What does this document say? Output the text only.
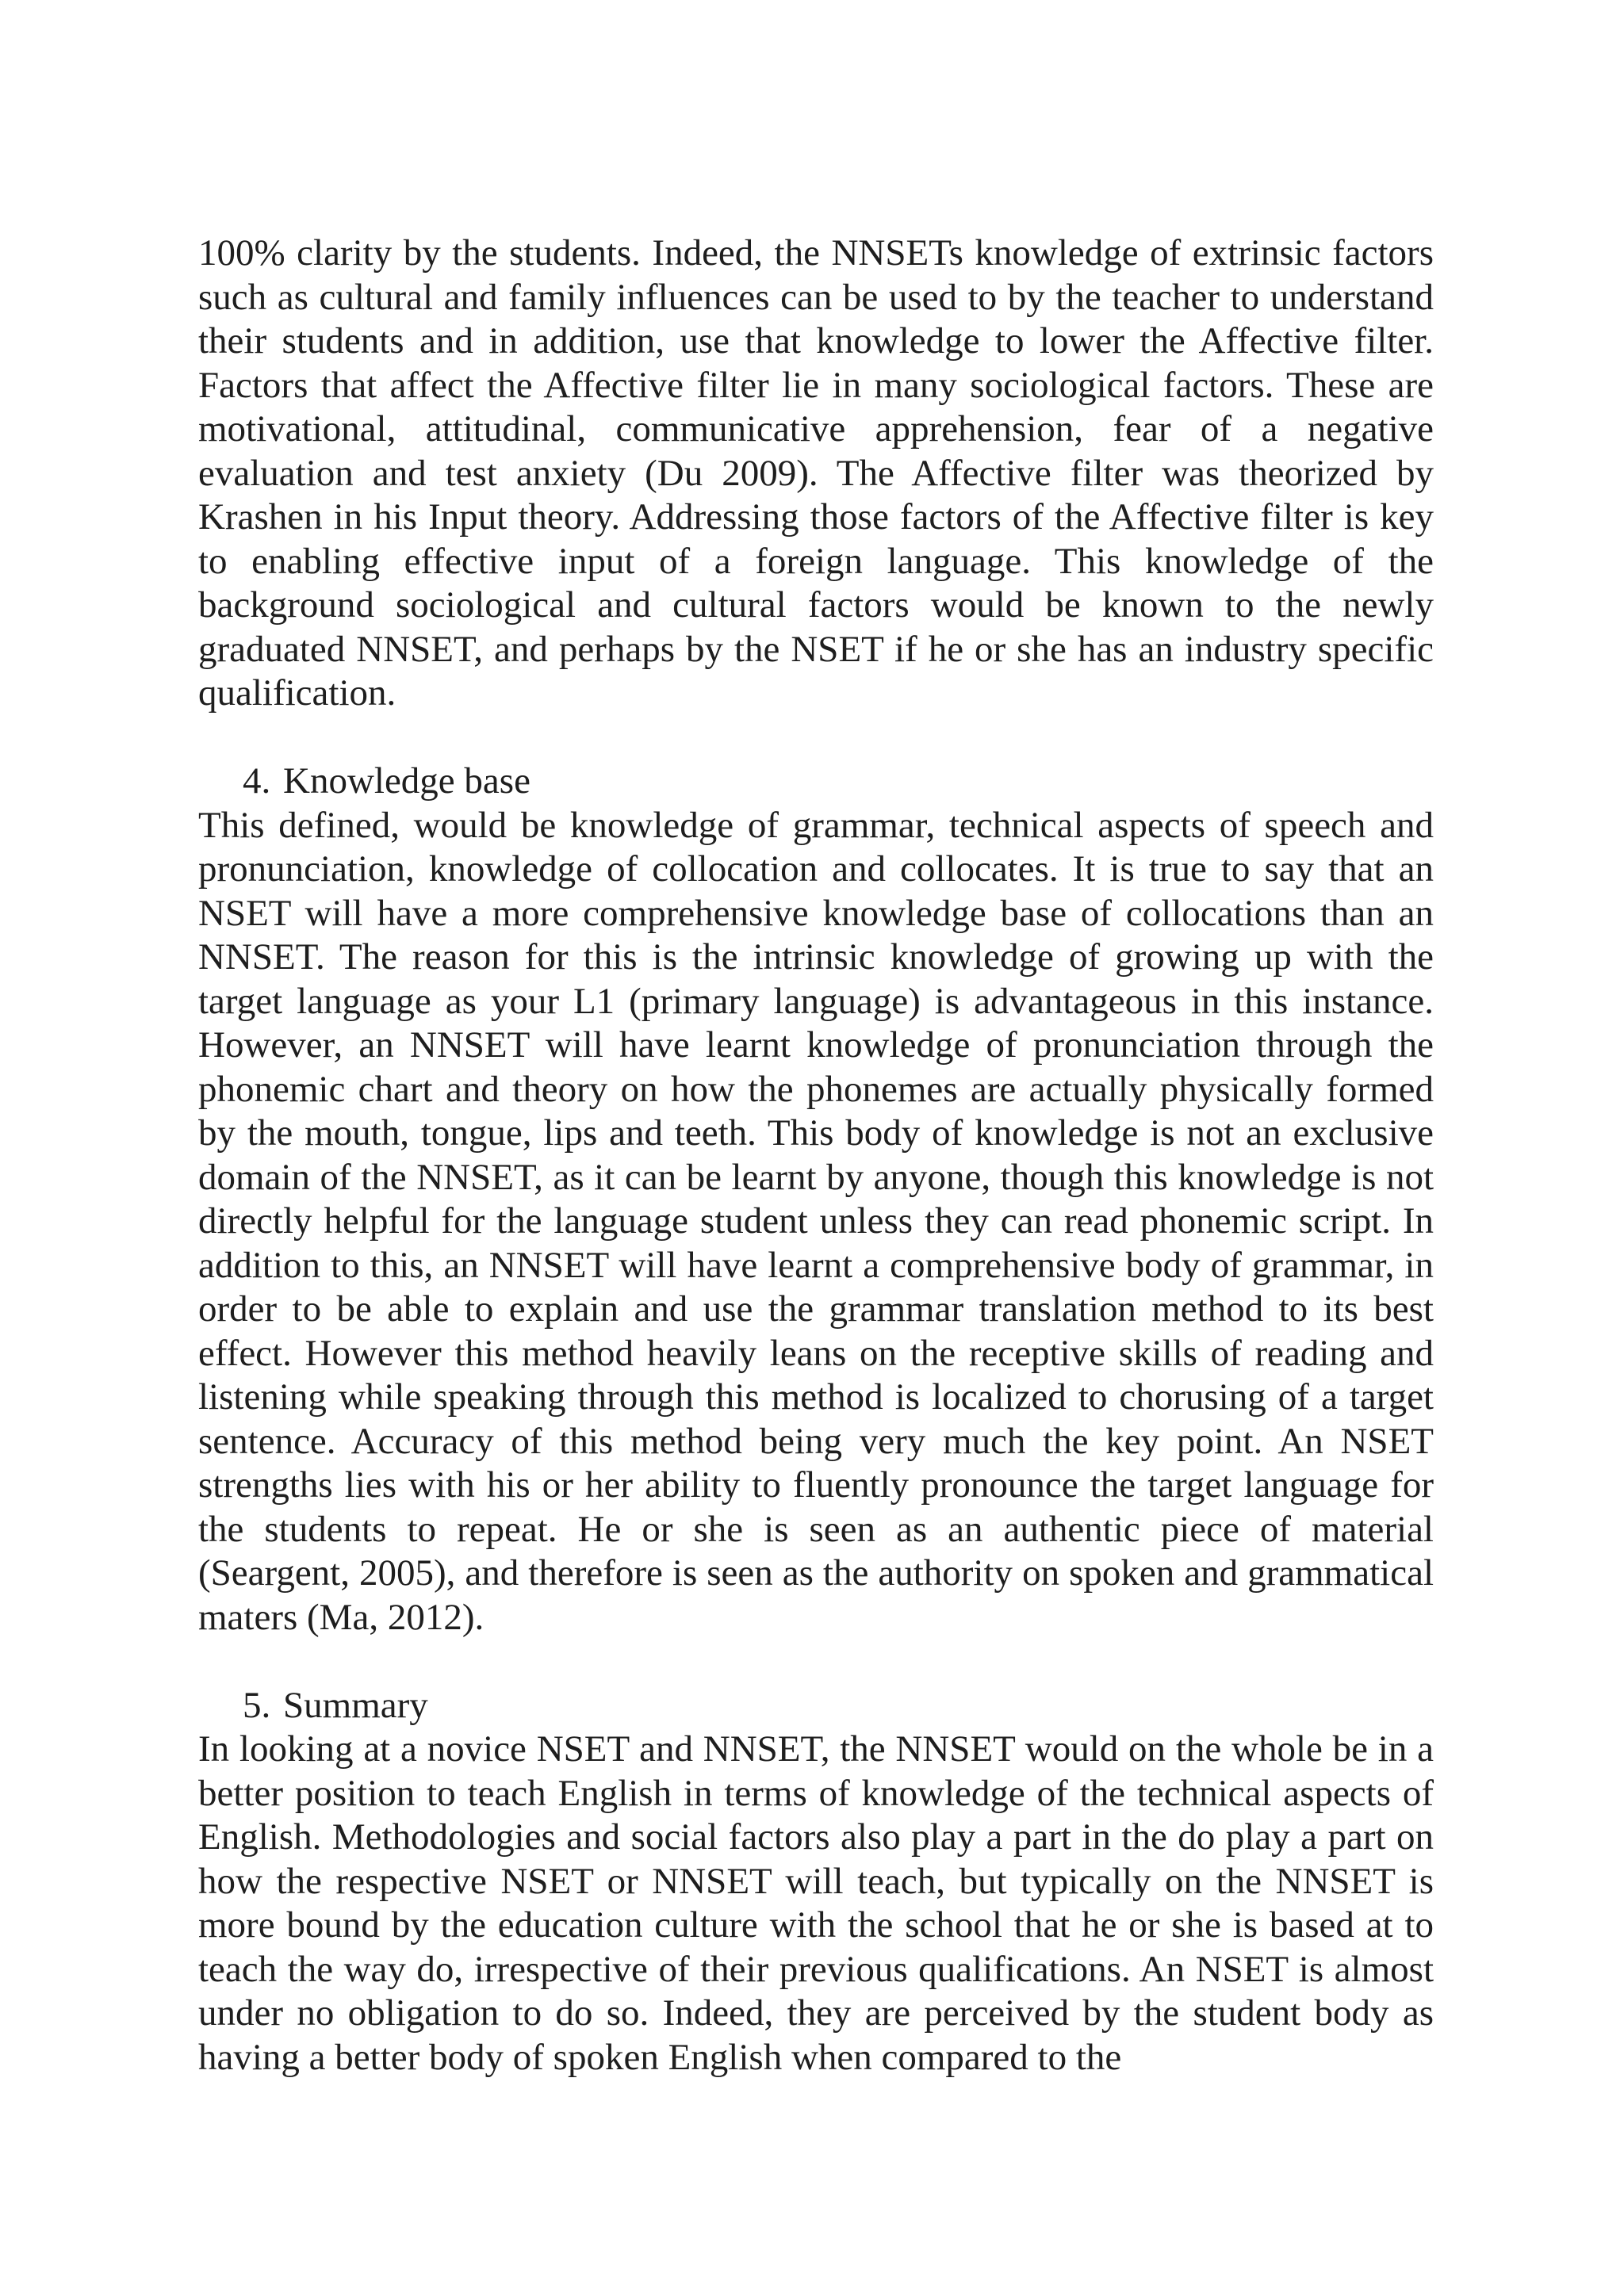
100% clarity by the students. Indeed, the NNSETs knowledge of extrinsic factors such as cultural and family influences can be used to by the teacher to understand their students and in addition, use that knowledge to lower the Affective filter. Factors that affect the Affective filter lie in many sociological factors. These are motivational, attitudinal, communicative apprehension, fear of a negative evaluation and test anxiety (Du 2009). The Affective filter was theorized by Krashen in his Input theory. Addressing those factors of the Affective filter is key to enabling effective input of a foreign language. This knowledge of the background sociological and cultural factors would be known to the newly graduated NNSET, and perhaps by the NSET if he or she has an industry specific qualification.

4. Knowledge base

This defined, would be knowledge of grammar, technical aspects of speech and pronunciation, knowledge of collocation and collocates. It is true to say that an NSET will have a more comprehensive knowledge base of collocations than an NNSET. The reason for this is the intrinsic knowledge of growing up with the target language as your L1 (primary language) is advantageous in this instance. However, an NNSET will have learnt knowledge of pronunciation through the phonemic chart and theory on how the phonemes are actually physically formed by the mouth, tongue, lips and teeth. This body of knowledge is not an exclusive domain of the NNSET, as it can be learnt by anyone, though this knowledge is not directly helpful for the language student unless they can read phonemic script. In addition to this, an NNSET will have learnt a comprehensive body of grammar, in order to be able to explain and use the grammar translation method to its best effect. However this method heavily leans on the receptive skills of reading and listening while speaking through this method is localized to chorusing of a target sentence. Accuracy of this method being very much the key point. An NSET strengths lies with his or her ability to fluently pronounce the target language for the students to repeat. He or she is seen as an authentic piece of material (Seargent, 2005), and therefore is seen as the authority on spoken and grammatical maters (Ma, 2012).

5. Summary

In looking at a novice NSET and NNSET, the NNSET would on the whole be in a better position to teach English in terms of knowledge of the technical aspects of English. Methodologies and social factors also play a part in the do play a part on how the respective NSET or NNSET will teach, but typically on the NNSET is more bound by the education culture with the school that he or she is based at to teach the way do, irrespective of their previous qualifications. An NSET is almost under no obligation to do so. Indeed, they are perceived by the student body as having a better body of spoken English when compared to the
